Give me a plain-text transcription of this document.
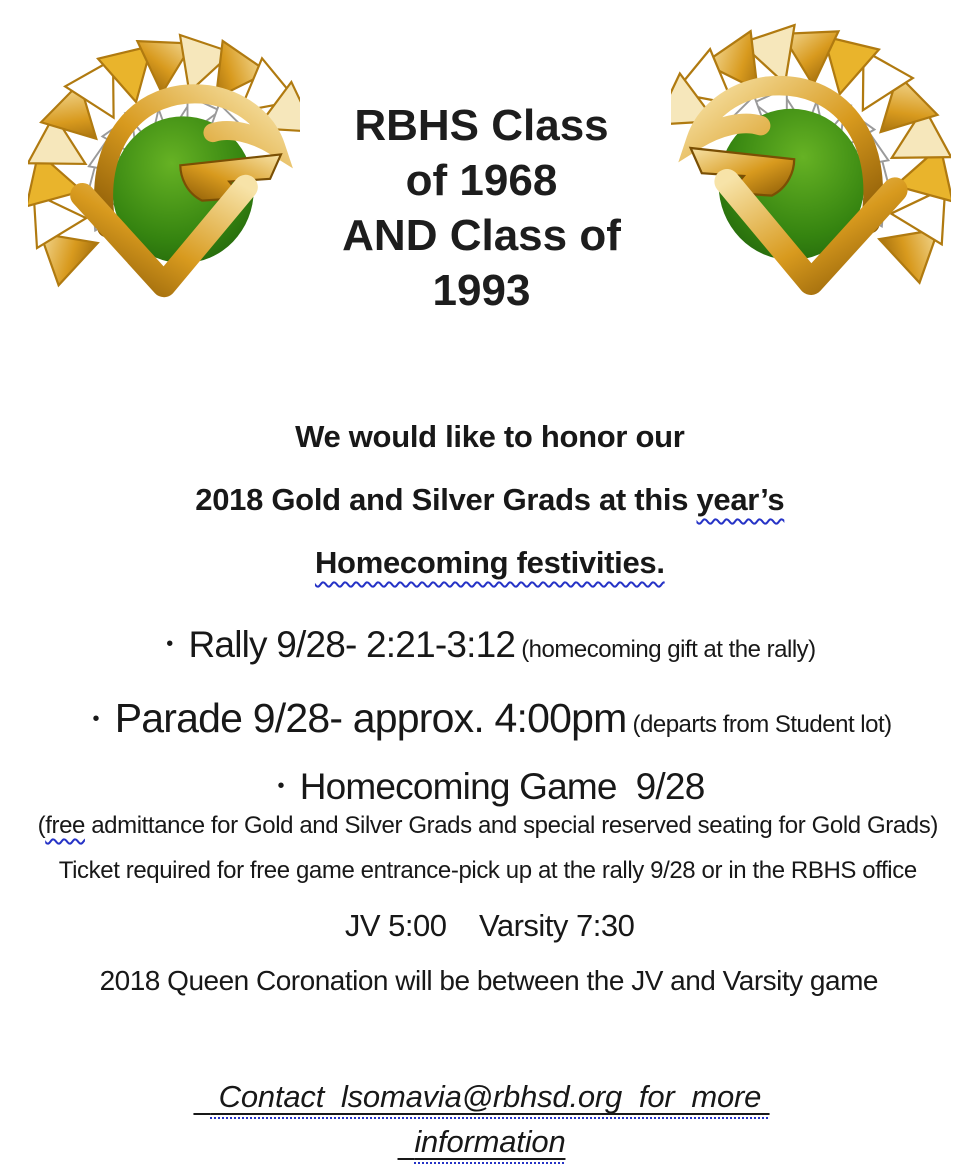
RBHS Class
of 1968
AND Class of
1993

We would like to honor our

2018 Gold and Silver Grads at this year’s

Homecoming festivities.

• Rally 9/28- 2:21-3:12 (homecoming gift at the rally)

• Parade 9/28- approx. 4:00pm (departs from Student lot)

• Homecoming Game  9/28

(free admittance for Gold and Silver Grads and special reserved seating for Gold Grads)

Ticket required for free game entrance-pick up at the rally 9/28 or in the RBHS office

JV 5:00    Varsity 7:30

2018 Queen Coronation will be between the JV and Varsity game

Contact  lsomavia@rbhsd.org  for  more

information
